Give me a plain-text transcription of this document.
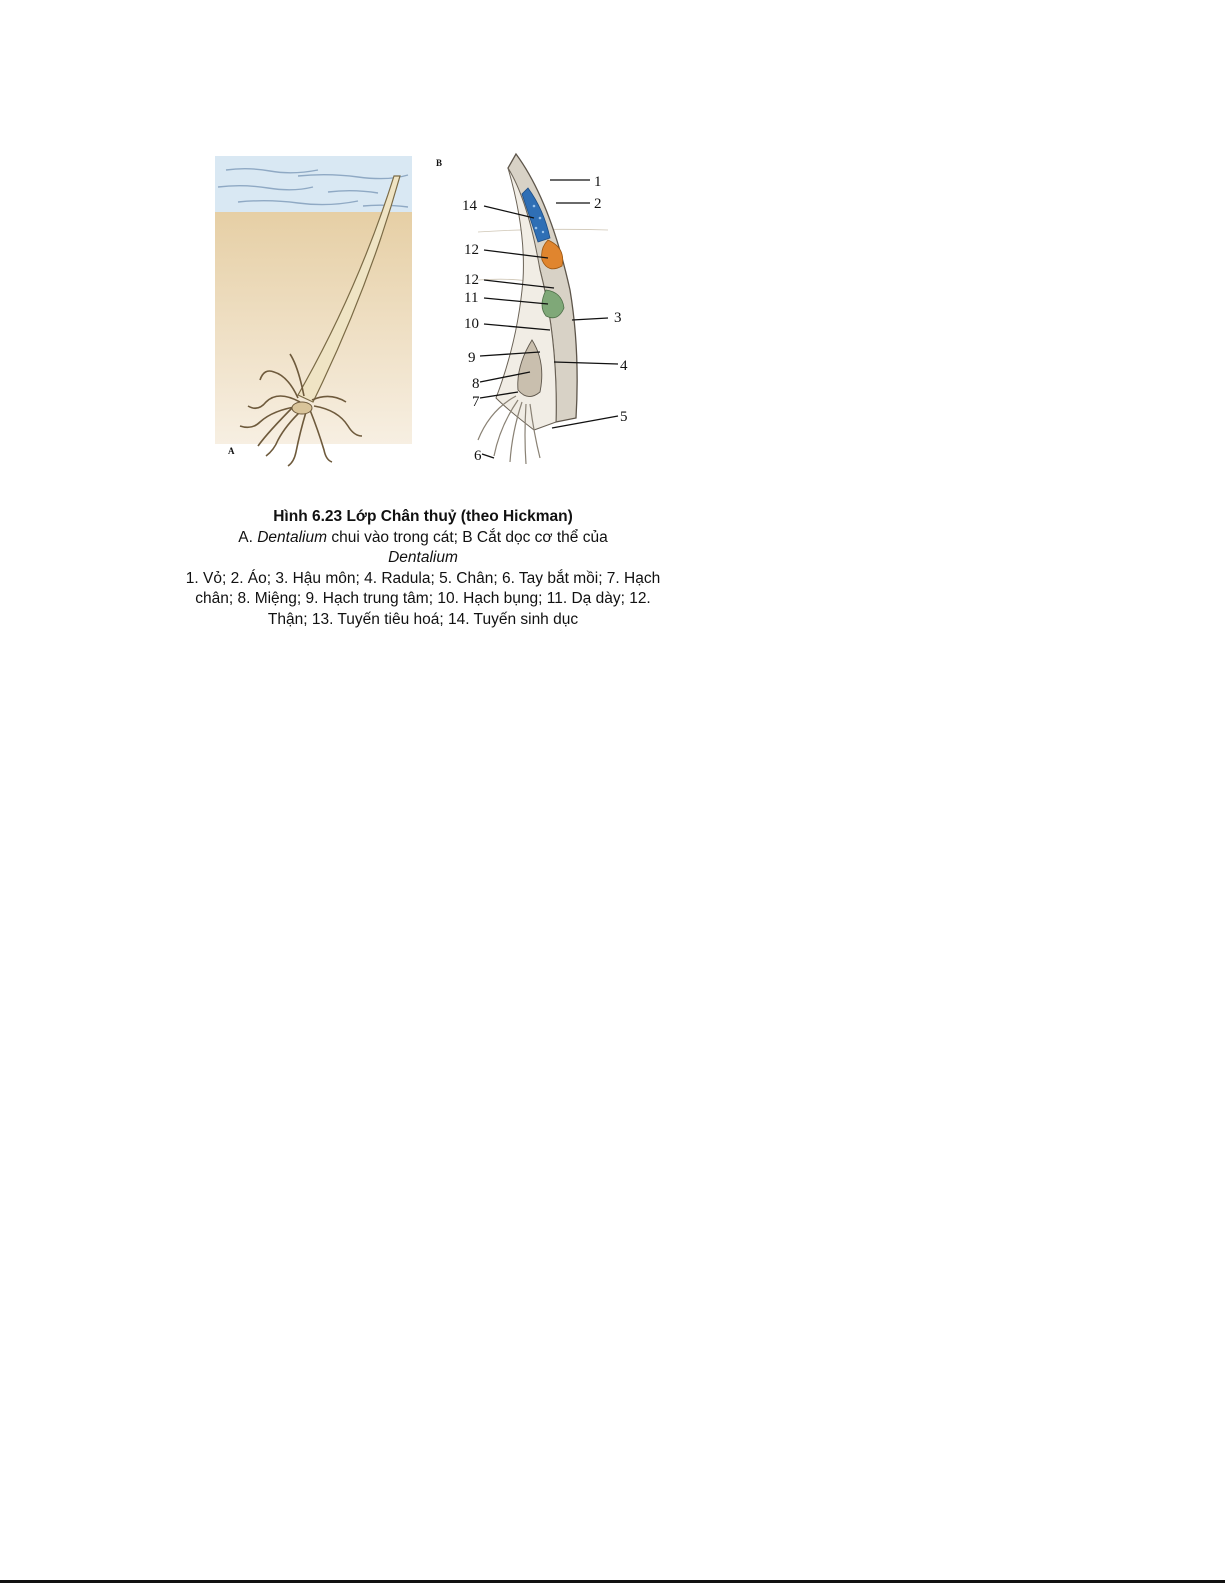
A
B
1
2
3
4
5
6
7
8
9
10
11
12
12
14
Hình 6.23 Lớp Chân thuỷ (theo Hickman)
A. Dentalium chui vào trong cát; B Cắt dọc cơ thể của
Dentalium
1. Vỏ; 2. Áo; 3. Hậu môn; 4. Radula; 5. Chân; 6. Tay bắt mồi; 7. Hạch chân; 8. Miệng; 9. Hạch trung tâm; 10. Hạch bụng; 11. Dạ dày; 12. Thận; 13. Tuyến tiêu hoá; 14. Tuyến sinh dục
